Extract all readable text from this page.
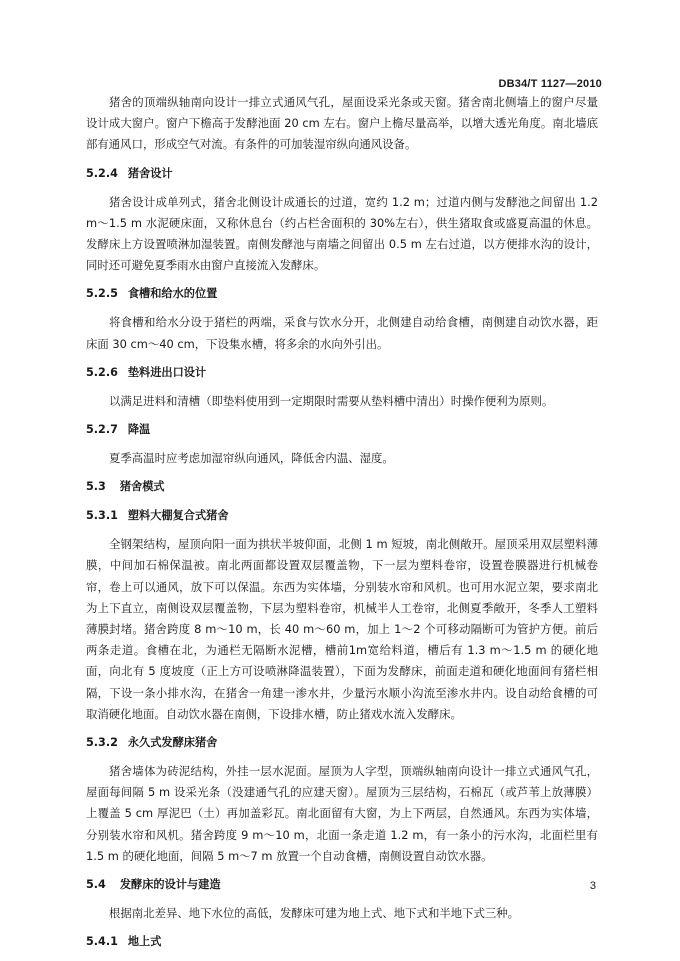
DB34/T 1127—2010

猪舍的顶端纵轴南向设计一排立式通风气孔，屋面设采光条或天窗。猪舍南北侧墙上的窗户尽量设计成大窗户。窗户下檐高于发酵池面 20 cm 左右。窗户上檐尽量高举，以增大透光角度。南北墙底部有通风口，形成空气对流。有条件的可加装湿帘纵向通风设备。

5.2.4 猪舍设计

猪舍设计成单列式，猪舍北侧设计成通长的过道，宽约 1.2 m；过道内侧与发酵池之间留出 1.2 m～1.5 m 水泥硬床面，又称休息台（约占栏舍面积的 30%左右），供生猪取食或盛夏高温的休息。发酵床上方设置喷淋加湿装置。南侧发酵池与南墙之间留出 0.5 m 左右过道，以方便排水沟的设计，同时还可避免夏季雨水由窗户直接流入发酵床。

5.2.5 食槽和给水的位置

将食槽和给水分设于猪栏的两端，采食与饮水分开，北侧建自动给食槽，南侧建自动饮水器，距床面 30 cm～40 cm，下设集水槽，将多余的水向外引出。

5.2.6 垫料进出口设计

以满足进料和清槽（即垫料使用到一定期限时需要从垫料槽中清出）时操作便利为原则。

5.2.7 降温

夏季高温时应考虑加湿帘纵向通风，降低舍内温、湿度。

5.3 猪舍模式
5.3.1 塑料大棚复合式猪舍

全钢架结构，屋顶向阳一面为拱状半坡仰面，北侧 1 m 短坡，南北侧敞开。屋顶采用双层塑料薄膜，中间加石棉保温被。南北两面都设置双层覆盖物，下一层为塑料卷帘，设置卷膜器进行机械卷帘，卷上可以通风，放下可以保温。东西为实体墙，分别装水帘和风机。也可用水泥立架，要求南北为上下直立，南侧设双层覆盖物，下层为塑料卷帘，机械半人工卷帘，北侧夏季敞开，冬季人工塑料薄膜封堵。猪舍跨度 8 m～10 m，长 40 m～60 m，加上 1～2 个可移动隔断可为管护方便。前后两条走道。食槽在北，为通栏无隔断水泥槽，槽前1m宽给料道，槽后有 1.3 m～1.5 m 的硬化地面，向北有 5 度坡度（正上方可设喷淋降温装置），下面为发酵床，前面走道和硬化地面间有猪栏相隔，下设一条小排水沟，在猪舍一角建一渗水井，少量污水顺小沟流至渗水井内。设自动给食槽的可取消硬化地面。自动饮水器在南侧，下设排水槽，防止猪戏水流入发酵床。

5.3.2 永久式发酵床猪舍

猪舍墙体为砖泥结构，外挂一层水泥面。屋顶为人字型，顶端纵轴南向设计一排立式通风气孔，屋面每间隔 5 m 设采光条（没建通气孔的应建天窗）。屋顶为三层结构，石棉瓦（或芦苇上放薄膜）上覆盖 5 cm 厚泥巴（土）再加盖彩瓦。南北面留有大窗，为上下两层，自然通风。东西为实体墙，分别装水帘和风机。猪舍跨度 9 m～10 m，北面一条走道 1.2 m，有一条小的污水沟，北面栏里有 1.5 m 的硬化地面，间隔 5 m～7 m 放置一个自动食槽，南侧设置自动饮水器。

5.4 发酵床的设计与建造

根据南北差异、地下水位的高低，发酵床可建为地上式、地下式和半地下式三种。

5.4.1 地上式
3
